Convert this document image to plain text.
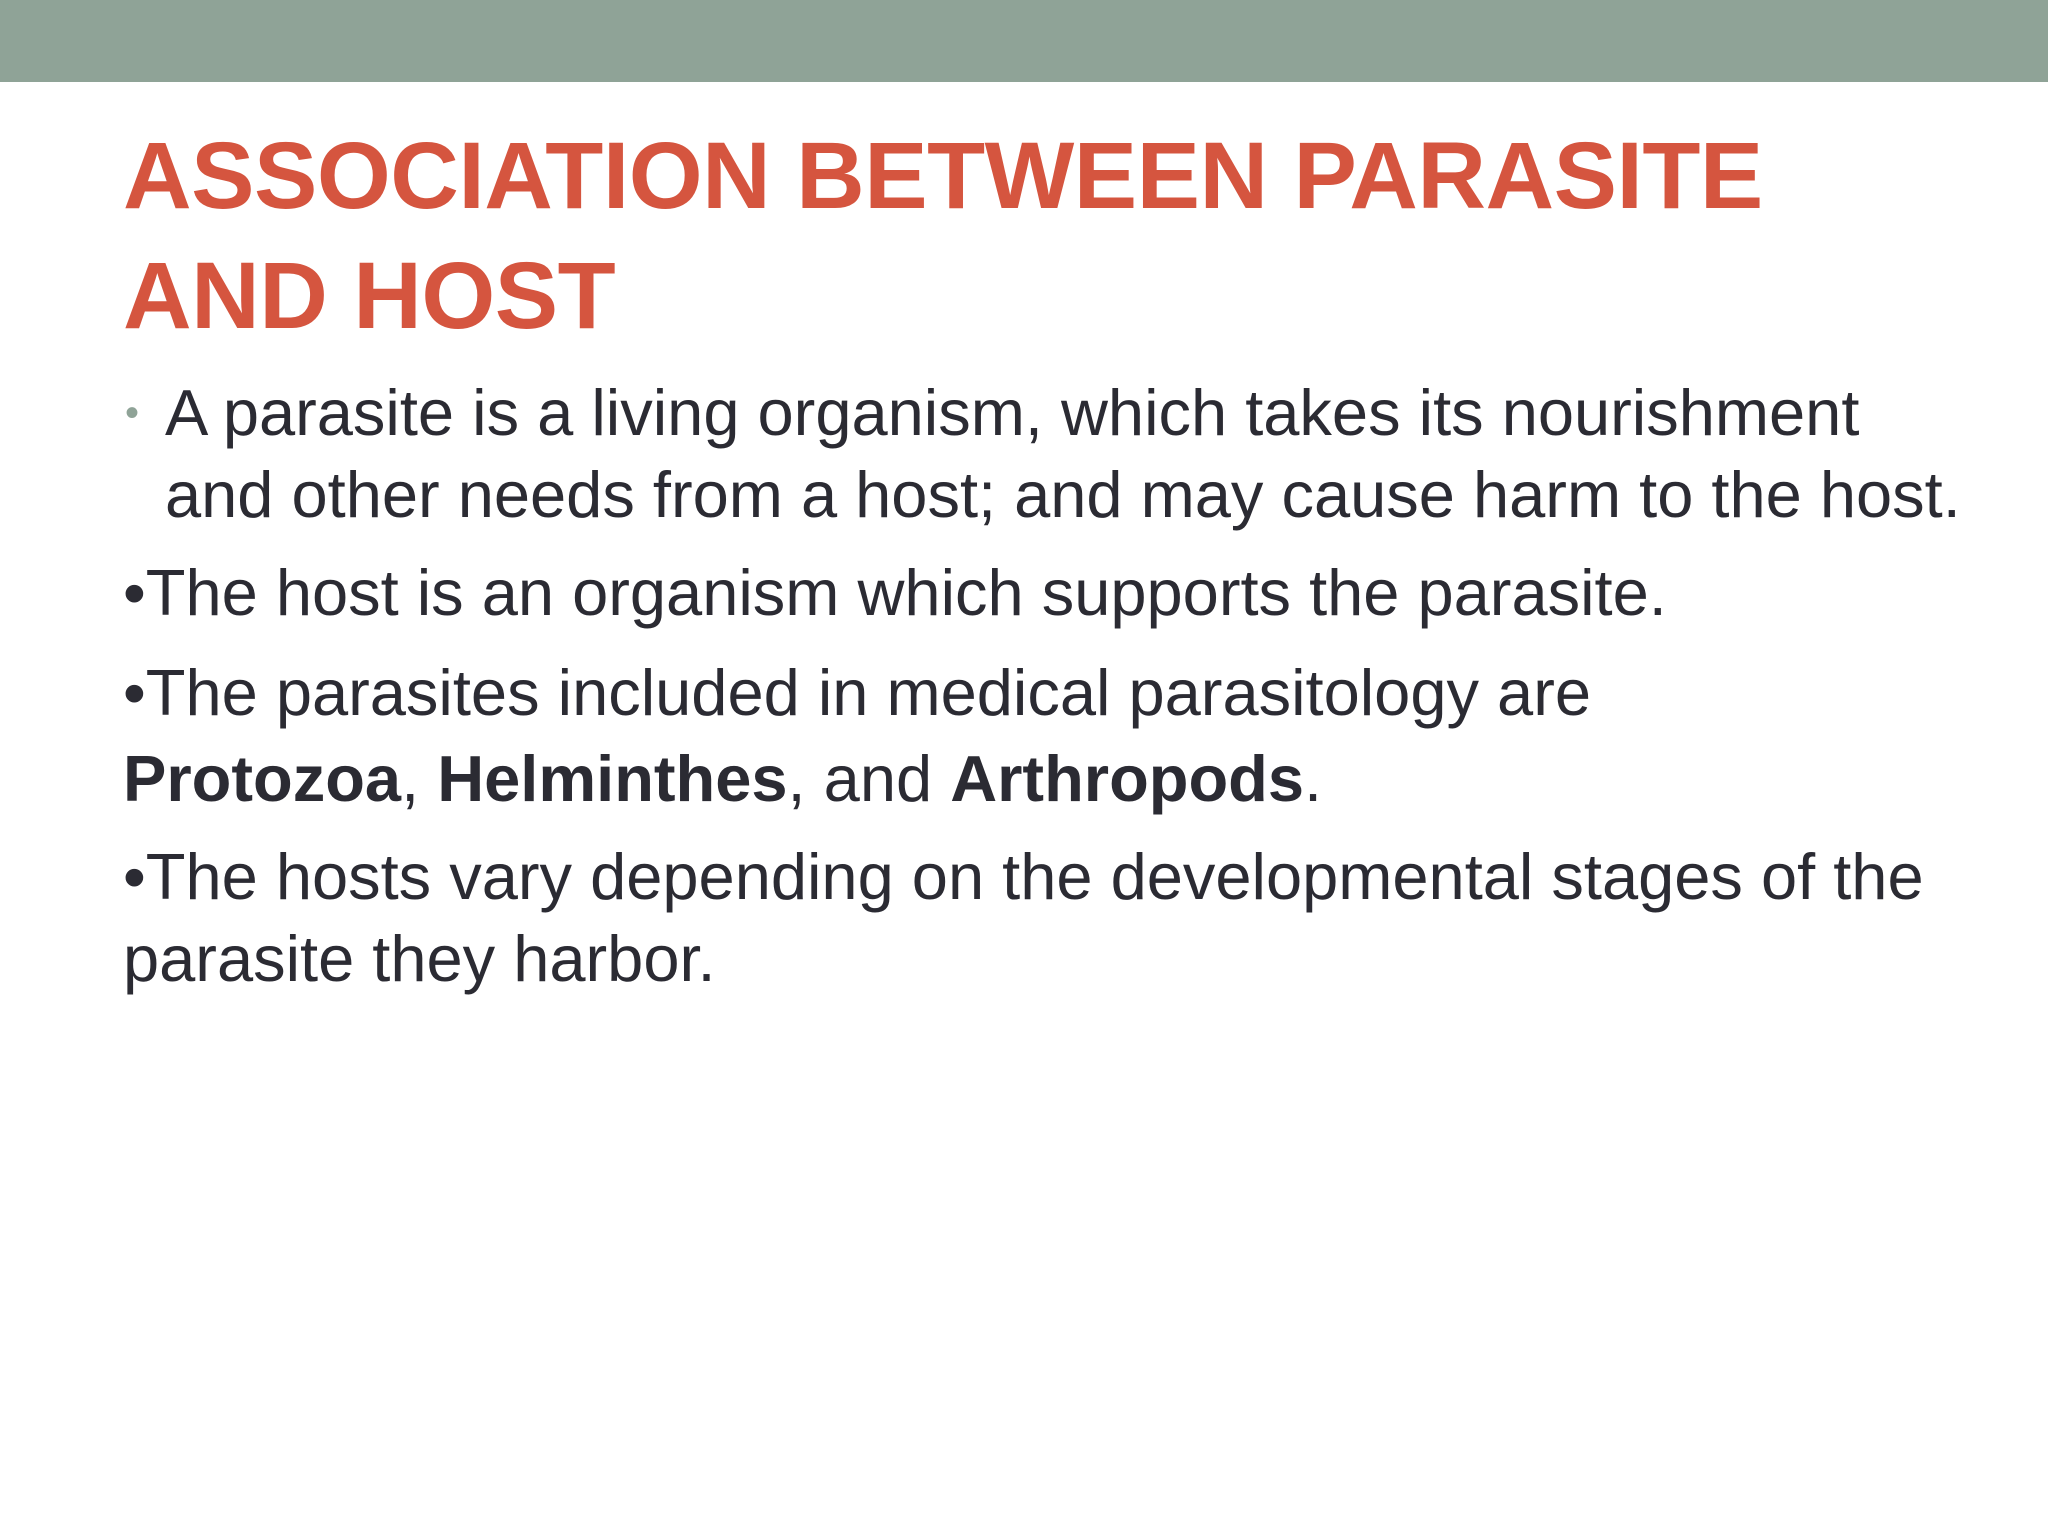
ASSOCIATION BETWEEN PARASITE AND HOST

• A parasite is a living organism, which takes its nourishment and other needs from a host; and may cause harm to the host.

•The host is an organism which supports the parasite.

•The parasites included in medical parasitology are

Protozoa, Helminthes, and Arthropods.

•The hosts vary depending on the developmental stages of the parasite they harbor.
